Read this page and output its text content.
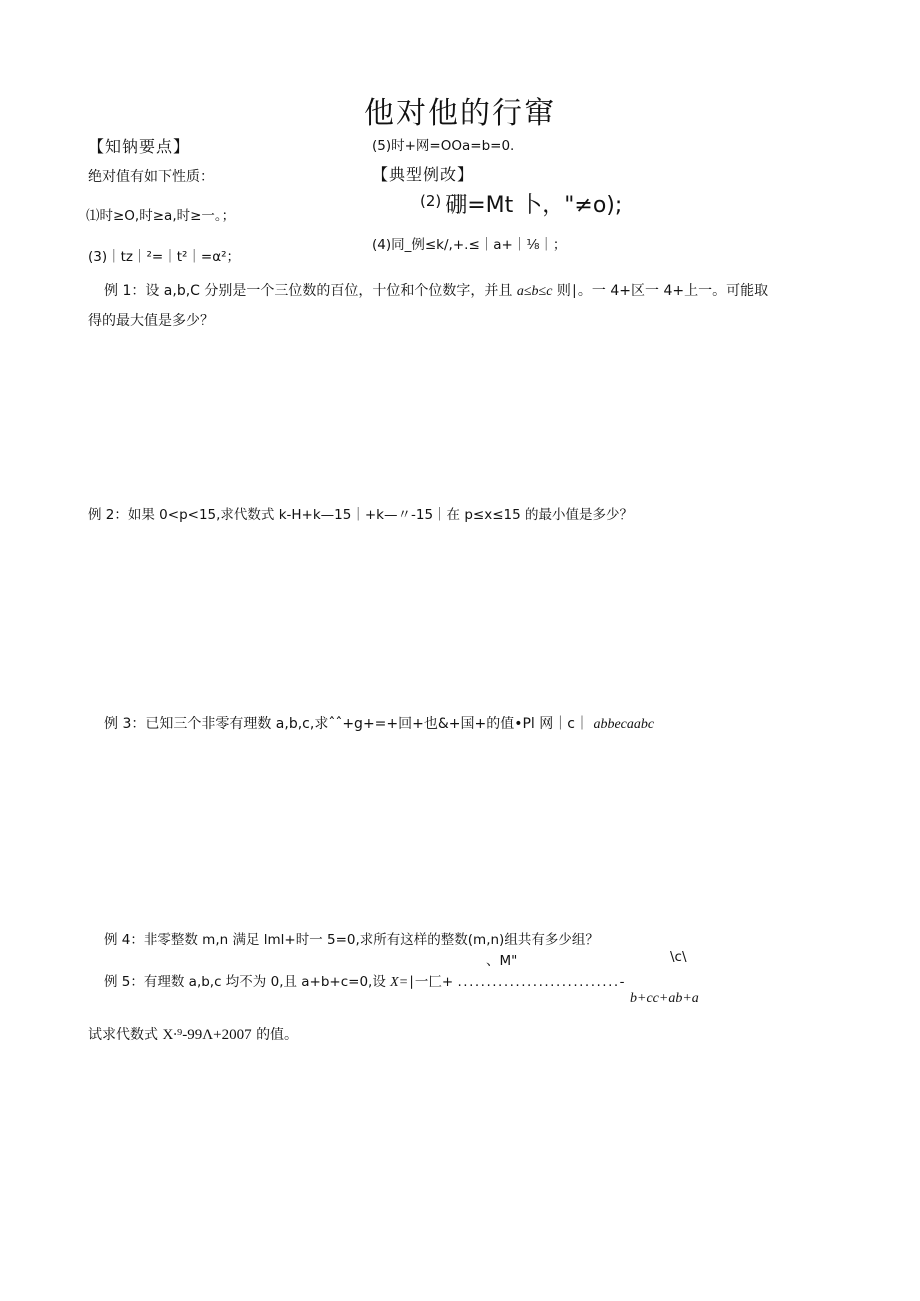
他对他的行窜
【知钠要点】
绝对值有如下性质：
⑴时≥O,时≥a,时≥一。；
(3)｜tz｜²=｜t²｜=α²；
(5)时+网=OOa=b=0.
【典型例改】
$^{(2)}$ 硼=Mt 卜，"≠o);
(4)同_例≤k∕,+.≤｜a+｜⅛｜；
例 1：设 a,b,C 分别是一个三位数的百位，十位和个位数字，并且 a≤b≤c 则∣。一 4+区一 4+上一。可能取
得的最大值是多少？
例 2：如果 0<p<15,求代数式 k-H+k—15｜+k—〃-15｜在 p≤x≤15 的最小值是多少？
例 3：已知三个非零有理数 a,b,c,求ˆˆ+g+=+回+也&+国+的值•Pl 网｜c｜ abbecaabc
例 4：非零整数 m,n 满足 lml+时一 5=0,求所有这样的整数(m,n)组共有多少组？
、M"	\c\
例 5：有理数 a,b,c 均不为 0,且 a+b+c=0,设 X=∣一匚+ ............................-
b+cc+ab+a
试求代数式 X∙⁹-99Λ+2007 的值。
